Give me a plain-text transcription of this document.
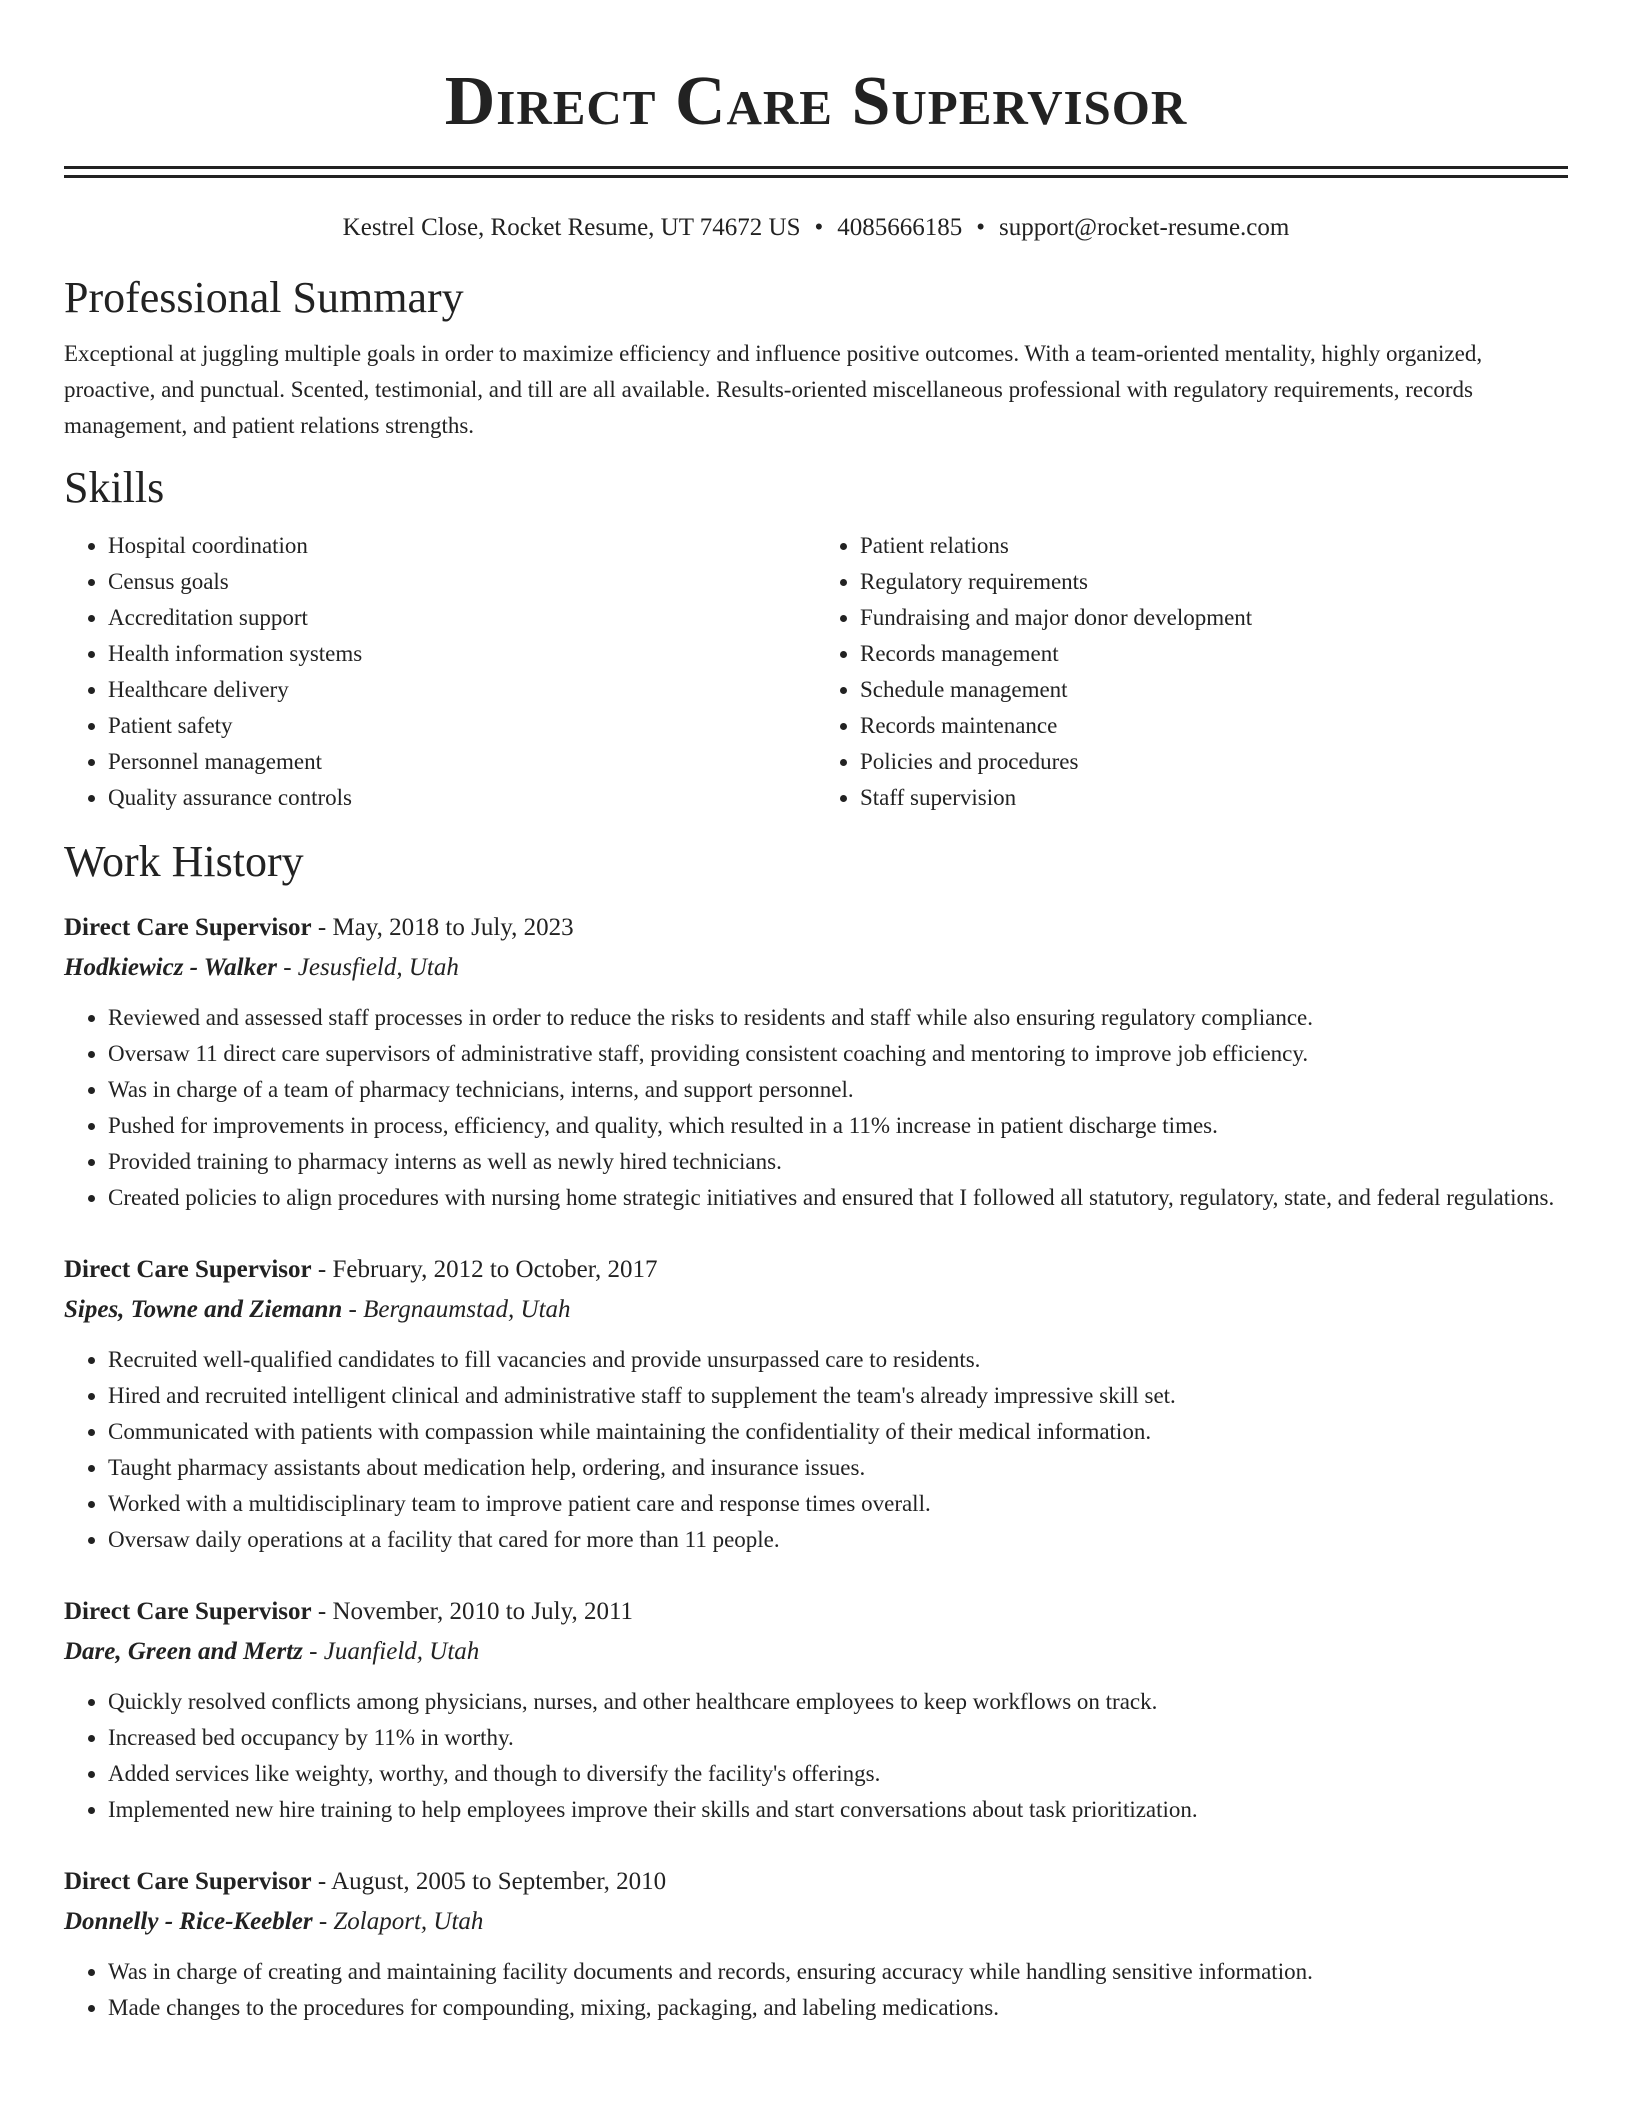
Direct Care Supervisor
Kestrel Close, Rocket Resume, UT 74672 US • 4085666185 • support@rocket-resume.com
Professional Summary

Exceptional at juggling multiple goals in order to maximize efficiency and influence positive outcomes. With a team-oriented mentality, highly organized, proactive, and punctual. Scented, testimonial, and till are all available. Results-oriented miscellaneous professional with regulatory requirements, records management, and patient relations strengths.

Skills
• Hospital coordination
• Census goals
• Accreditation support
• Health information systems
• Healthcare delivery
• Patient safety
• Personnel management
• Quality assurance controls
• Patient relations
• Regulatory requirements
• Fundraising and major donor development
• Records management
• Schedule management
• Records maintenance
• Policies and procedures
• Staff supervision
Work History
Direct Care Supervisor - May, 2018 to July, 2023
Hodkiewicz - Walker - Jesusfield, Utah
• Reviewed and assessed staff processes in order to reduce the risks to residents and staff while also ensuring regulatory compliance.
• Oversaw 11 direct care supervisors of administrative staff, providing consistent coaching and mentoring to improve job efficiency.
• Was in charge of a team of pharmacy technicians, interns, and support personnel.
• Pushed for improvements in process, efficiency, and quality, which resulted in a 11% increase in patient discharge times.
• Provided training to pharmacy interns as well as newly hired technicians.
• Created policies to align procedures with nursing home strategic initiatives and ensured that I followed all statutory, regulatory, state, and federal regulations.
Direct Care Supervisor - February, 2012 to October, 2017
Sipes, Towne and Ziemann - Bergnaumstad, Utah
• Recruited well-qualified candidates to fill vacancies and provide unsurpassed care to residents.
• Hired and recruited intelligent clinical and administrative staff to supplement the team's already impressive skill set.
• Communicated with patients with compassion while maintaining the confidentiality of their medical information.
• Taught pharmacy assistants about medication help, ordering, and insurance issues.
• Worked with a multidisciplinary team to improve patient care and response times overall.
• Oversaw daily operations at a facility that cared for more than 11 people.
Direct Care Supervisor - November, 2010 to July, 2011
Dare, Green and Mertz - Juanfield, Utah
• Quickly resolved conflicts among physicians, nurses, and other healthcare employees to keep workflows on track.
• Increased bed occupancy by 11% in worthy.
• Added services like weighty, worthy, and though to diversify the facility's offerings.
• Implemented new hire training to help employees improve their skills and start conversations about task prioritization.
Direct Care Supervisor - August, 2005 to September, 2010
Donnelly - Rice-Keebler - Zolaport, Utah
• Was in charge of creating and maintaining facility documents and records, ensuring accuracy while handling sensitive information.
• Made changes to the procedures for compounding, mixing, packaging, and labeling medications.
